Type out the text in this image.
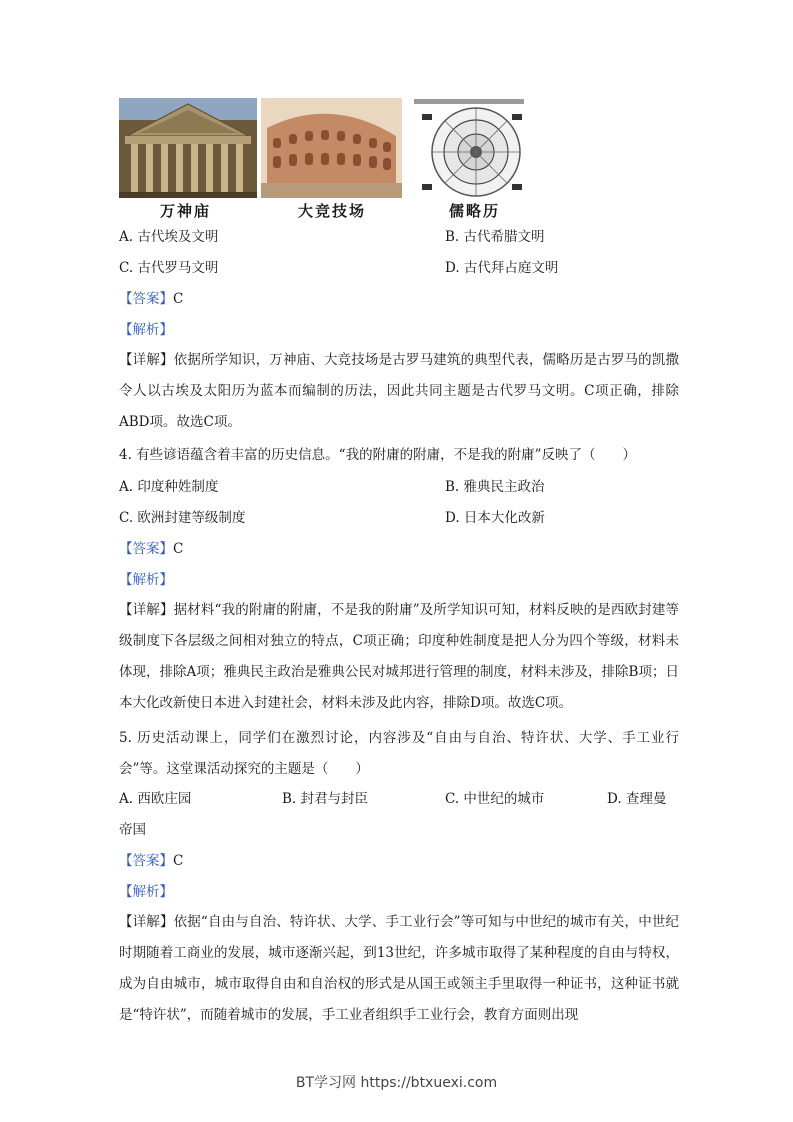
万神庙	大竞技场	儒略历
A. 古代埃及文明	B. 古代希腊文明
C. 古代罗马文明	D. 古代拜占庭文明
【答案】C
【解析】
【详解】依据所学知识，万神庙、大竞技场是古罗马建筑的典型代表，儒略历是古罗马的凯撒令人以古埃及太阳历为蓝本而编制的历法，因此共同主题是古代罗马文明。C项正确，排除ABD项。故选C项。
4. 有些谚语蕴含着丰富的历史信息。“我的附庸的附庸，不是我的附庸”反映了（　　）
A. 印度种姓制度	B. 雅典民主政治
C. 欧洲封建等级制度	D. 日本大化改新
【答案】C
【解析】
【详解】据材料“我的附庸的附庸，不是我的附庸”及所学知识可知，材料反映的是西欧封建等级制度下各层级之间相对独立的特点，C项正确；印度种姓制度是把人分为四个等级，材料未体现，排除A项；雅典民主政治是雅典公民对城邦进行管理的制度，材料未涉及，排除B项；日本大化改新使日本进入封建社会，材料未涉及此内容，排除D项。故选C项。
5. 历史活动课上，同学们在激烈讨论，内容涉及“自由与自治、特许状、大学、手工业行会”等。这堂课活动探究的主题是（　　）
A. 西欧庄园	B. 封君与封臣	C. 中世纪的城市	D. 查理曼
帝国
【答案】C
【解析】
【详解】依据“自由与自治、特许状、大学、手工业行会”等可知与中世纪的城市有关，中世纪时期随着工商业的发展，城市逐渐兴起，到13世纪，许多城市取得了某种程度的自由与特权，成为自由城市，城市取得自由和自治权的形式是从国王或领主手里取得一种证书，这种证书就是“特许状”，而随着城市的发展，手工业者组织手工业行会，教育方面则出现
BT学习网 https://btxuexi.com
